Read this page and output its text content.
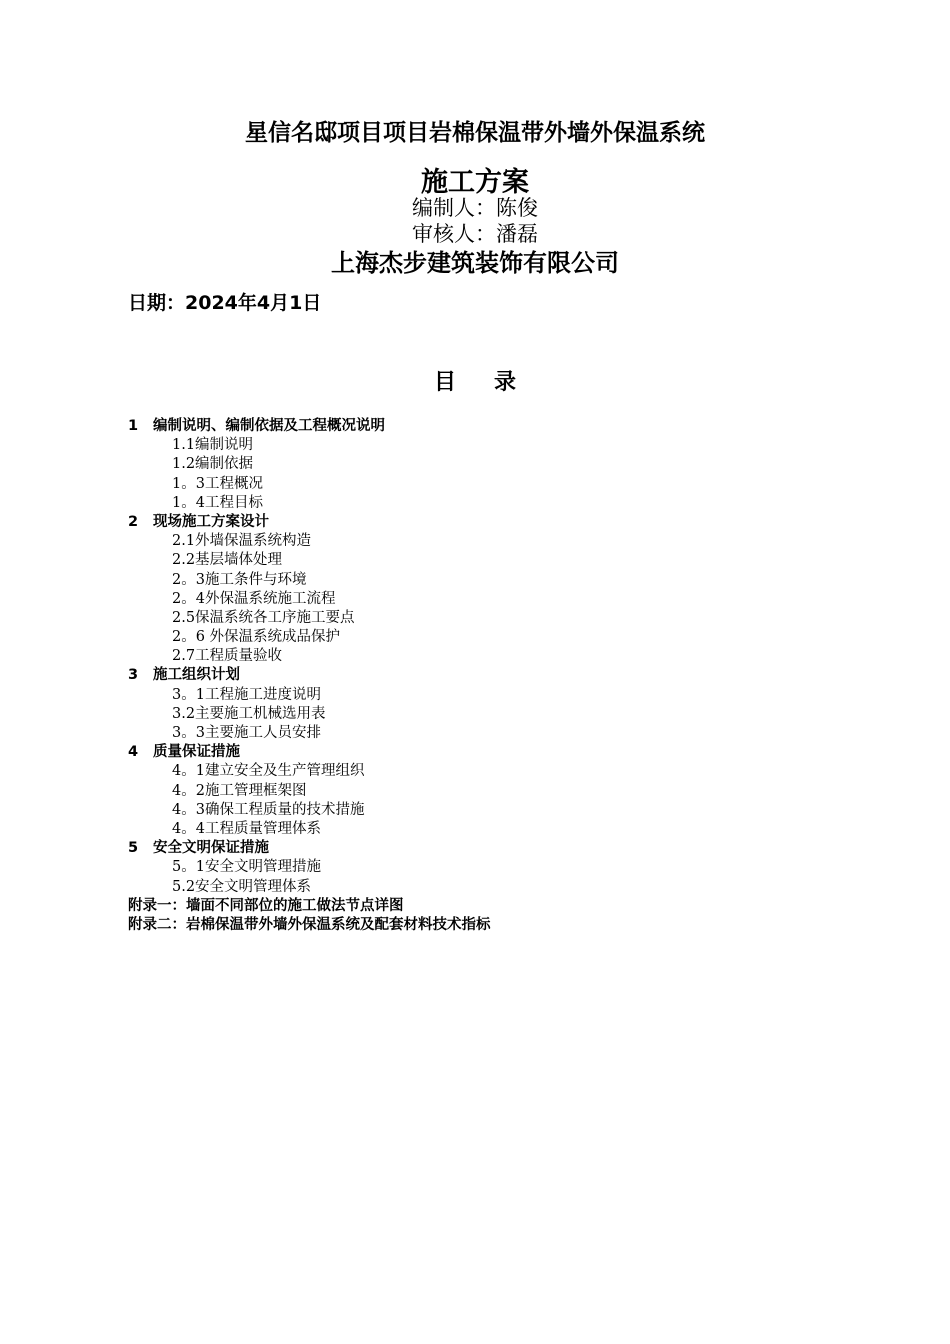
星信名邸项目项目岩棉保温带外墙外保温系统
施工方案
编制人：陈俊
审核人：潘磊
上海杰步建筑装饰有限公司
日期：2024年4月1日
目 录
1 编制说明、编制依据及工程概况说明
1.1编制说明
1.2编制依据
1。3工程概况
1。4工程目标
2 现场施工方案设计
2.1外墙保温系统构造
2.2基层墙体处理
2。3施工条件与环境
2。4外保温系统施工流程
2.5保温系统各工序施工要点
2。6 外保温系统成品保护
2.7工程质量验收
3 施工组织计划
3。1工程施工进度说明
3.2主要施工机械选用表
3。3主要施工人员安排
4 质量保证措施
4。1建立安全及生产管理组织
4。2施工管理框架图
4。3确保工程质量的技术措施
4。4工程质量管理体系
5 安全文明保证措施
5。1安全文明管理措施
5.2安全文明管理体系
附录一：墙面不同部位的施工做法节点详图
附录二：岩棉保温带外墙外保温系统及配套材料技术指标
